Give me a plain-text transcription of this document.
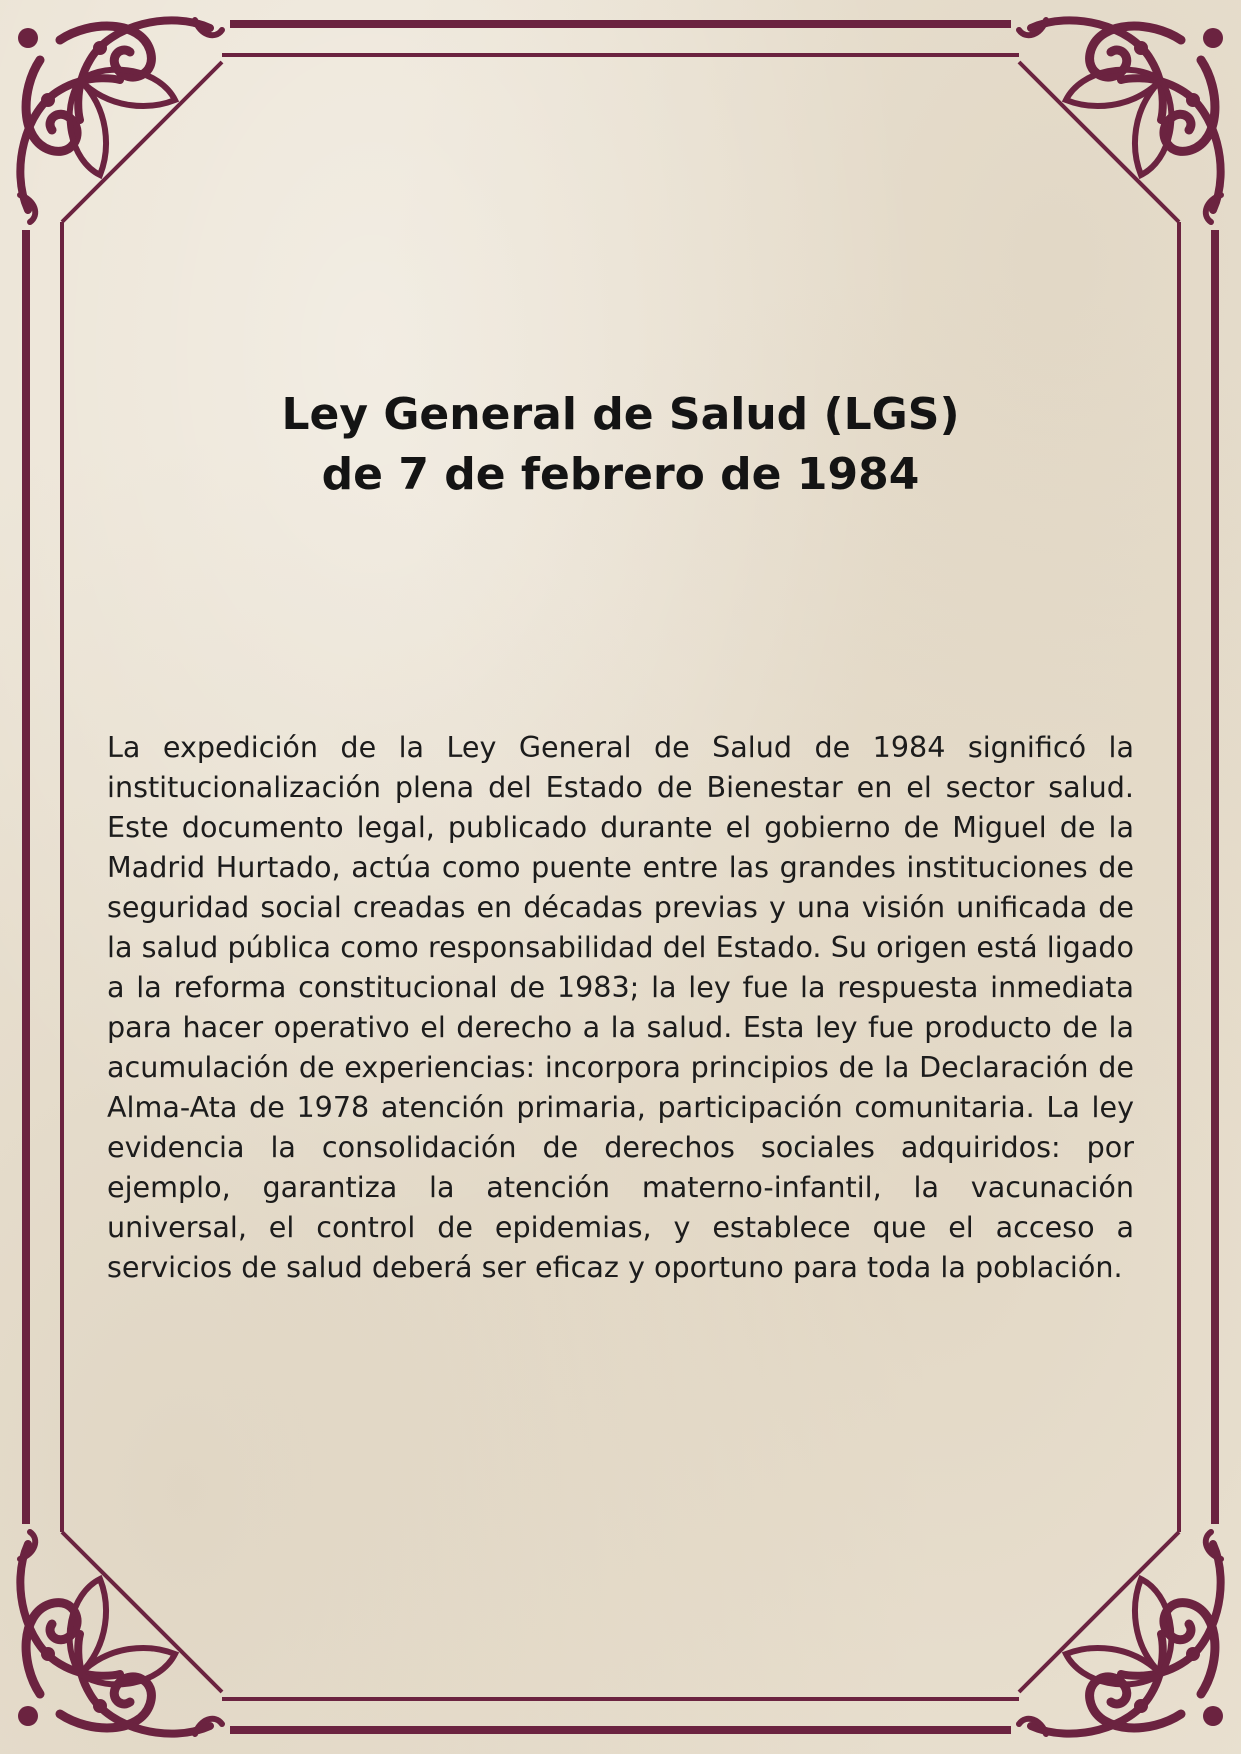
Ley General de Salud (LGS)
de 7 de febrero de 1984

La expedición de la Ley General de Salud de 1984 significó la institucionalización plena del Estado de Bienestar en el sector salud. Este documento legal, publicado durante el gobierno de Miguel de la Madrid Hurtado, actúa como puente entre las grandes instituciones de seguridad social creadas en décadas previas y una visión unificada de la salud pública como responsabilidad del Estado. Su origen está ligado a la reforma constitucional de 1983; la ley fue la respuesta inmediata para hacer operativo el derecho a la salud. Esta ley fue producto de la acumulación de experiencias: incorpora principios de la Declaración de Alma-Ata de 1978 atención primaria, participación comunitaria. La ley evidencia la consolidación de derechos sociales adquiridos: por ejemplo, garantiza la atención materno-infantil, la vacunación universal, el control de epidemias, y establece que el acceso a servicios de salud deberá ser eficaz y oportuno para toda la población.
